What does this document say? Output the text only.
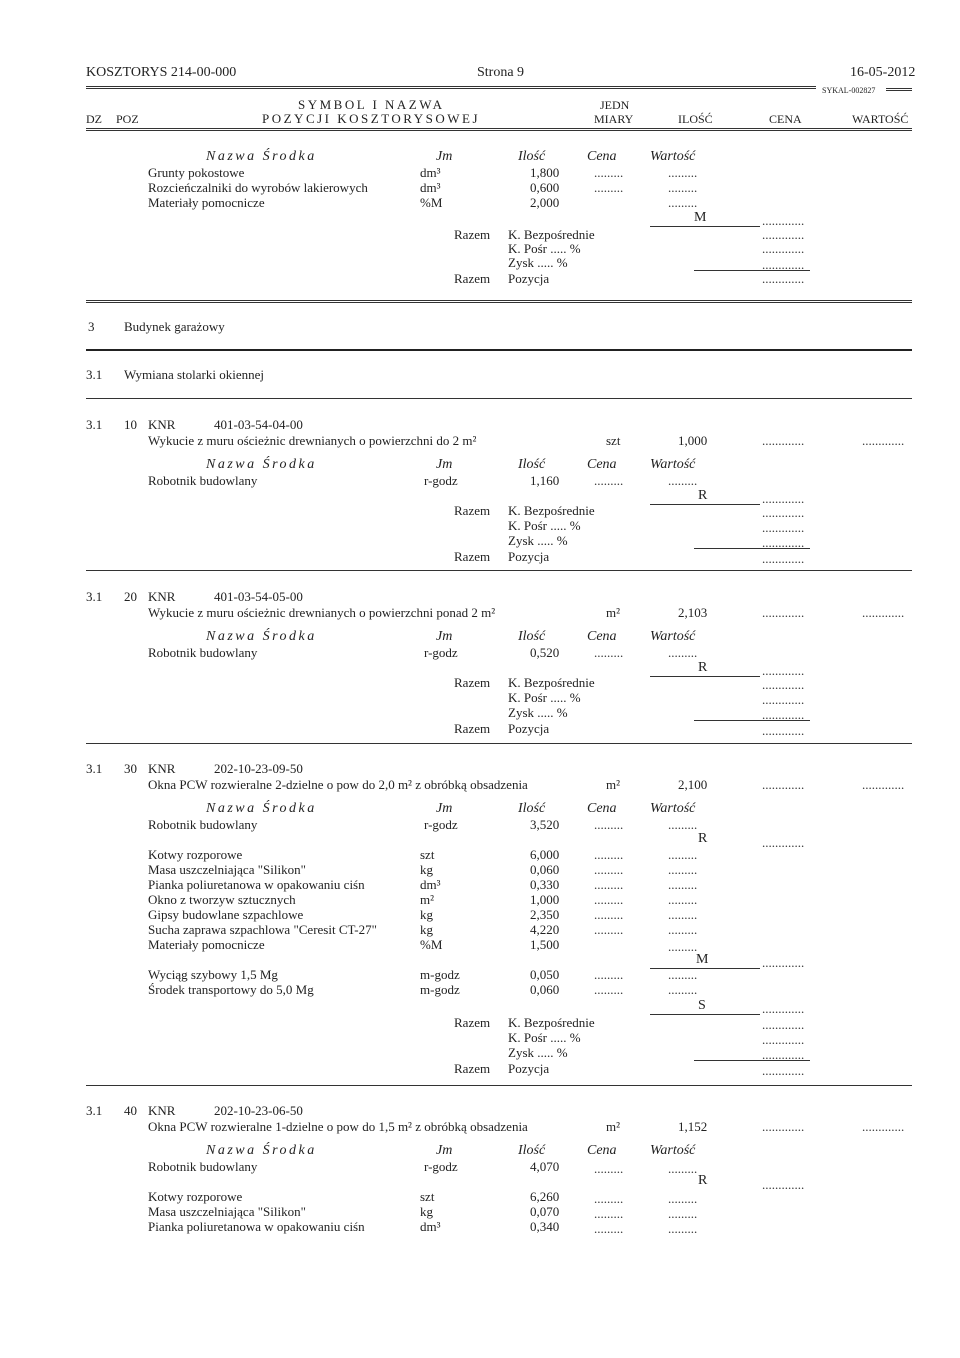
KOSZTORYS 214-00-000	Strona 9	16-05-2012
SYKAL-002827
SYMBOL I NAZWA	JEDN
DZ POZ	POZYCJI KOSZTORYSOWEJ	MIARY	ILOŚĆ	CENA	WARTOŚĆ
Nazwa Środka	Jm	Ilość	Cena Wartość
Grunty pokostowe	dm³	1,800	.........	.........
Rozcieńczalniki do wyrobów lakierowych	dm³	0,600	.........	.........
Materiały pomocnicze	%M	2,000	.........
M	.............
Razem K. Bezpośrednie	.............
K. Pośr ..... %	.............
Zysk ..... %	.............
Razem Pozycja	.............
3 Budynek garażowy
3.1 Wymiana stolarki okiennej
3.1 10 KNR	401-03-54-04-00
Wykucie z muru ościeżnic drewnianych o powierzchni do 2 m²	szt	1,000	.............	.............
Nazwa Środka	Jm	Ilość	Cena Wartość
Robotnik budowlany	r-godz	1,160	.........	.........
R	.............
Razem K. Bezpośrednie	.............
K. Pośr ..... %	.............
Zysk ..... %	.............
Razem Pozycja	.............
3.1 20 KNR	401-03-54-05-00
Wykucie z muru ościeżnic drewnianych o powierzchni ponad 2 m²	m²	2,103	.............	.............
Nazwa Środka	Jm	Ilość	Cena Wartość
Robotnik budowlany	r-godz	0,520	.........	.........
R	.............
Razem K. Bezpośrednie	.............
K. Pośr ..... %	.............
Zysk ..... %	.............
Razem Pozycja	.............
3.1 30 KNR	202-10-23-09-50
Okna PCW rozwieralne 2-dzielne o pow do 2,0 m² z obróbką obsadzenia	m²	2,100	.............	.............
Nazwa Środka	Jm	Ilość	Cena Wartość
Robotnik budowlany	r-godz	3,520	.........	.........
R	.............
Kotwy rozporowe	szt	6,000	.........	.........
Masa uszczelniająca "Silikon"	kg	0,060	.........	.........
Pianka poliuretanowa w opakowaniu ciśn	dm³	0,330	.........	.........
Okno z tworzyw sztucznych	m²	1,000	.........	.........
Gipsy budowlane szpachlowe	kg	2,350	.........	.........
Sucha zaprawa szpachlowa "Ceresit CT-27"	kg	4,220	.........	.........
Materiały pomocnicze	%M	1,500	.........
M	.............
Wyciąg szybowy 1,5 Mg	m-godz	0,050	.........	.........
Środek transportowy do 5,0 Mg	m-godz	0,060	.........	.........
S	.............
Razem K. Bezpośrednie	.............
K. Pośr ..... %	.............
Zysk ..... %	.............
Razem Pozycja	.............
3.1 40 KNR	202-10-23-06-50
Okna PCW rozwieralne 1-dzielne o pow do 1,5 m² z obróbką obsadzenia	m²	1,152	.............	.............
Nazwa Środka	Jm	Ilość	Cena Wartość
Robotnik budowlany	r-godz	4,070	.........	.........
R	.............
Kotwy rozporowe	szt	6,260	.........	.........
Masa uszczelniająca "Silikon"	kg	0,070	.........	.........
Pianka poliuretanowa w opakowaniu ciśn	dm³	0,340	.........	.........
